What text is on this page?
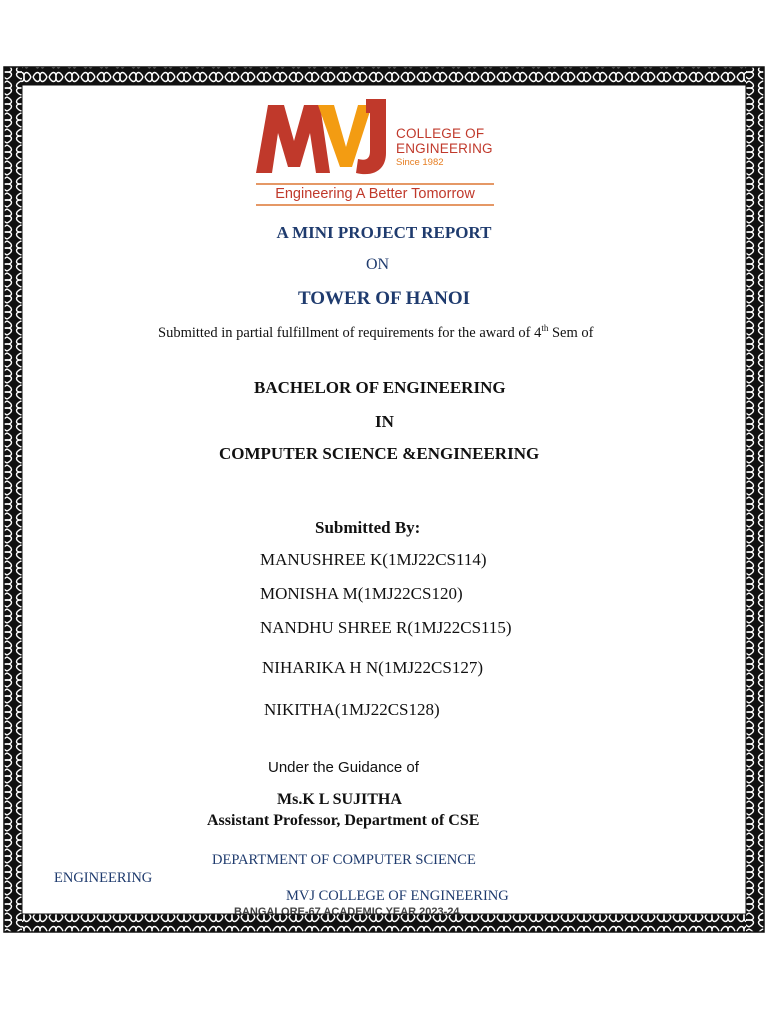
COLLEGE OF
ENGINEERING
Since 1982
Engineering A Better Tomorrow
A MINI PROJECT REPORT
ON
TOWER OF HANOI
Submitted in partial fulfillment of requirements for the award of 4th Sem of
BACHELOR OF ENGINEERING
IN
COMPUTER SCIENCE &ENGINEERING
Submitted By:
MANUSHREE K(1MJ22CS114)
MONISHA M(1MJ22CS120)
NANDHU SHREE R(1MJ22CS115)
NIHARIKA H N(1MJ22CS127)
NIKITHA(1MJ22CS128)
Under the Guidance of
Ms.K L SUJITHA
Assistant Professor, Department of CSE
DEPARTMENT OF COMPUTER SCIENCE
ENGINEERING
MVJ COLLEGE OF ENGINEERING
BANGALORE-67 ACADEMIC YEAR 2023-24
